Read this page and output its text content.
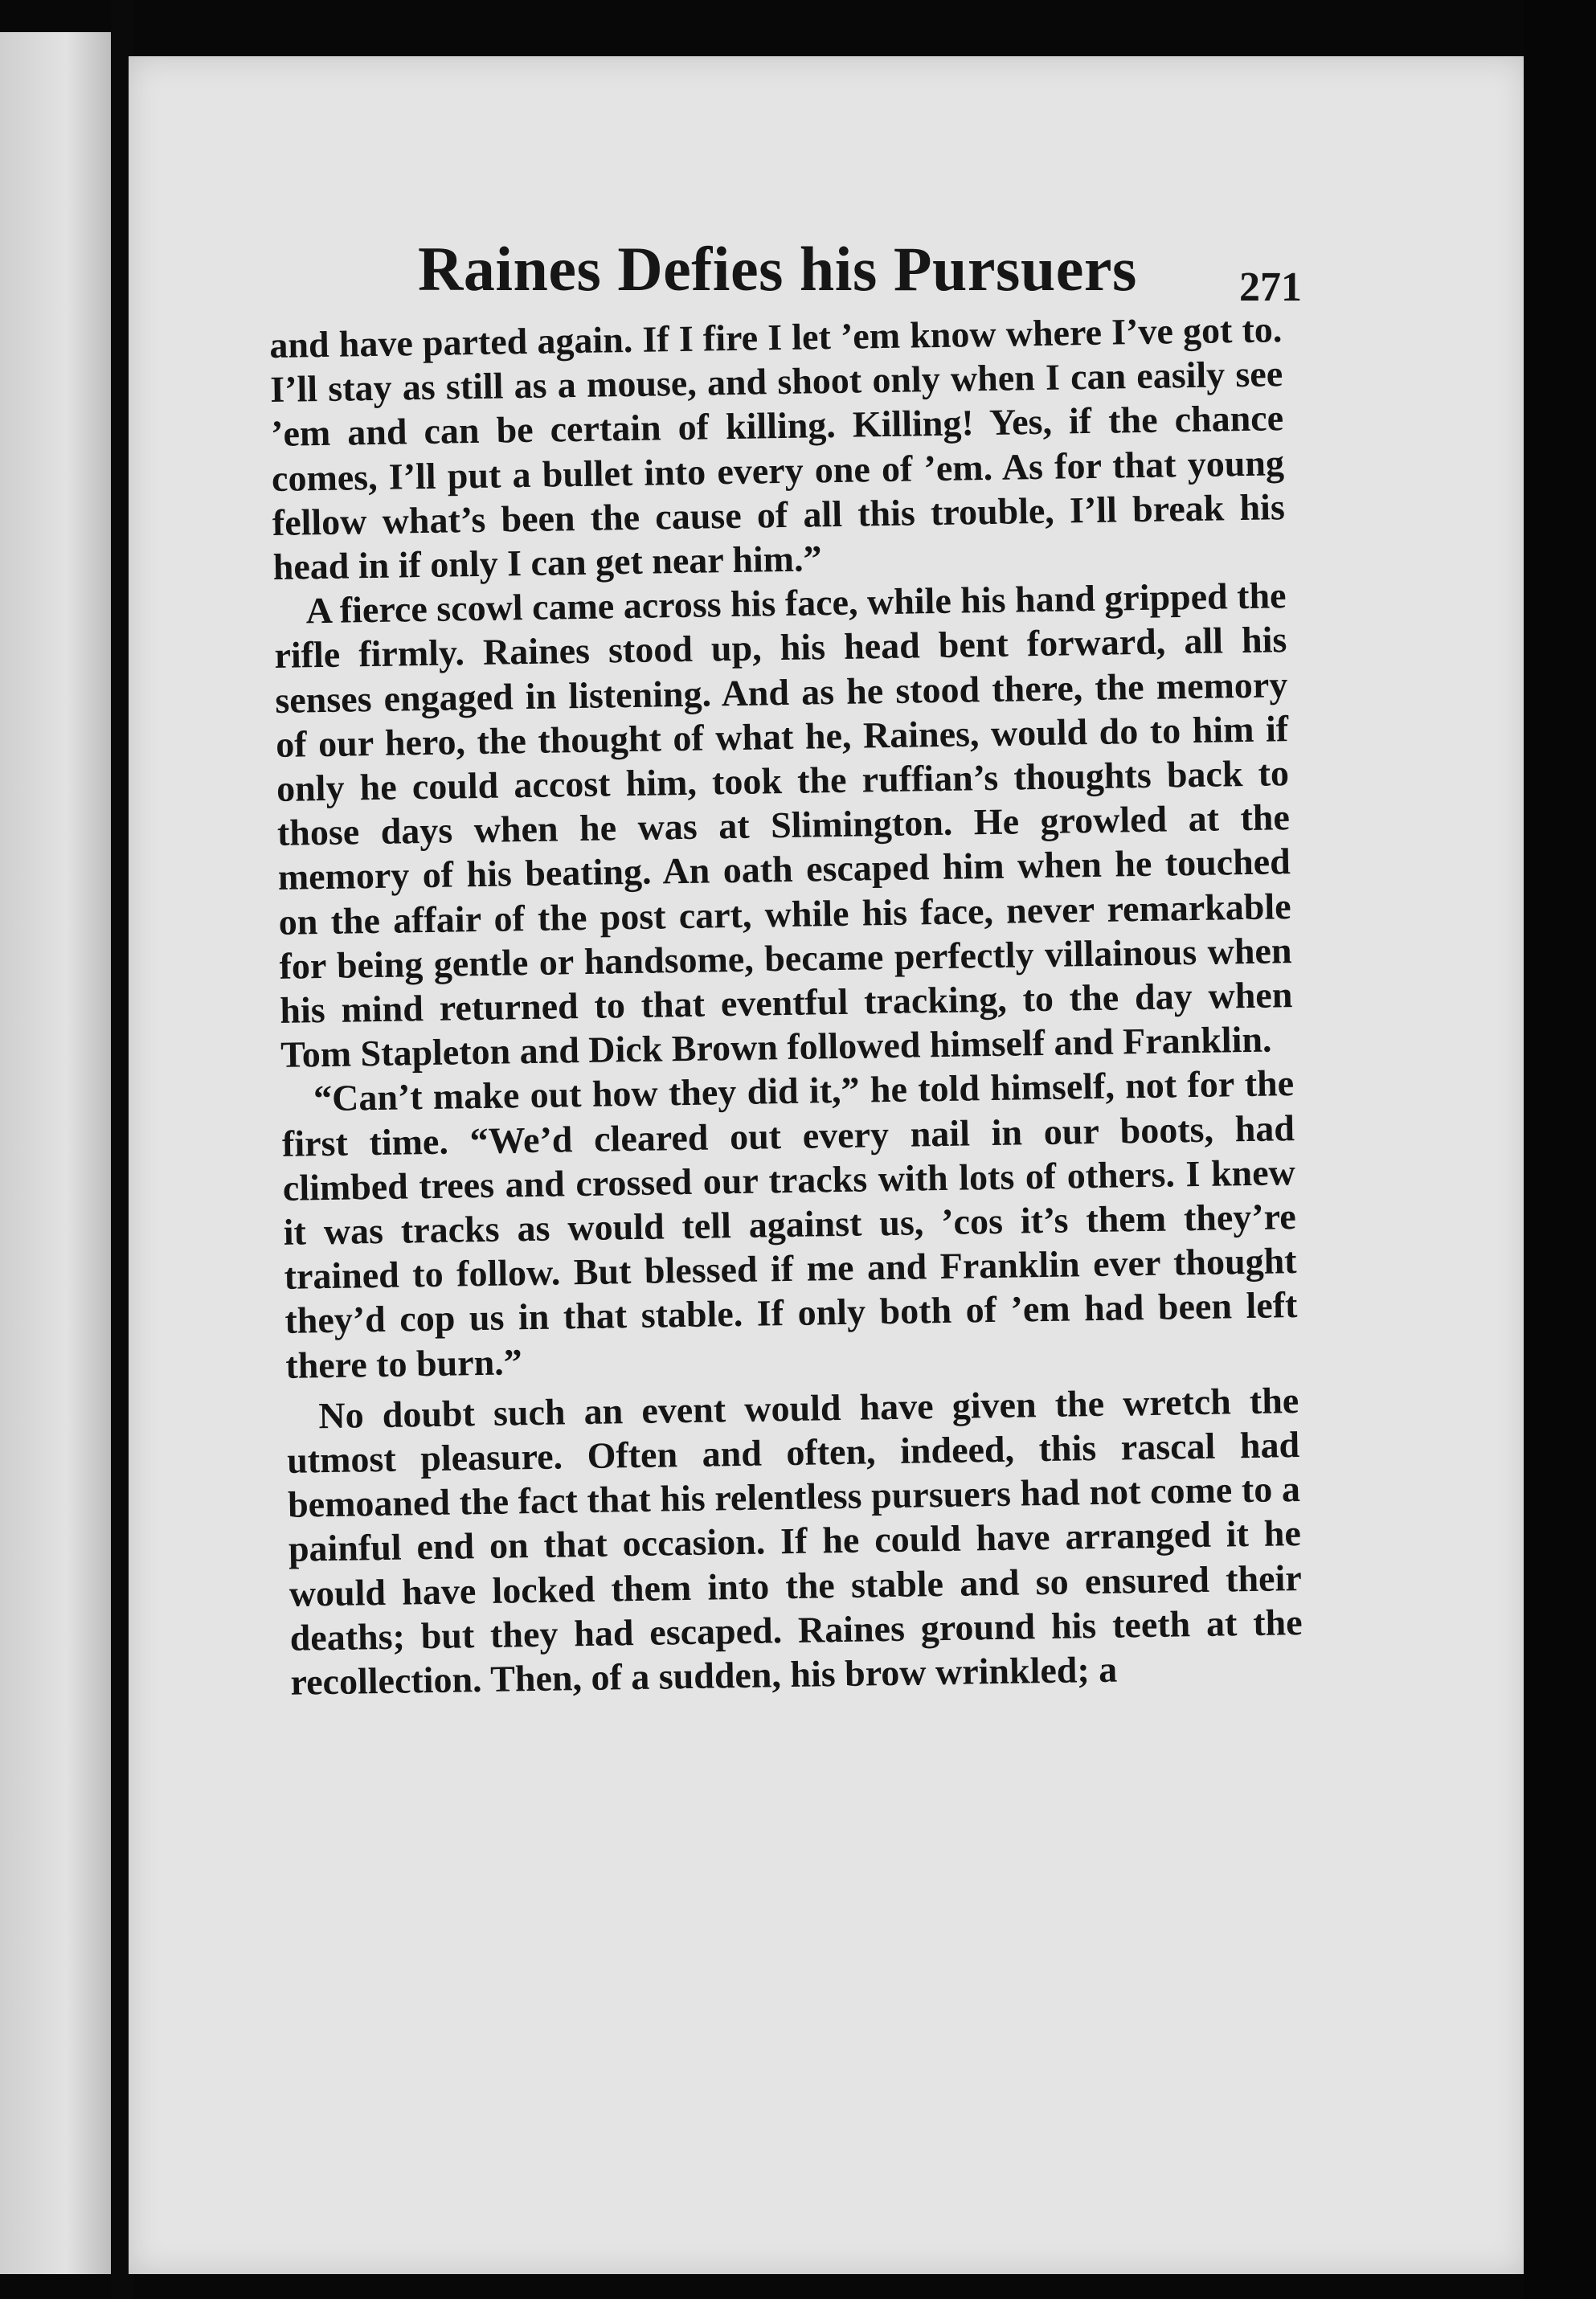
Raines Defies his Pursuers 271

and have parted again. If I fire I let ’em know where I’ve got to. I’ll stay as still as a mouse, and shoot only when I can easily see ’em and can be certain of killing. Killing! Yes, if the chance comes, I’ll put a bullet into every one of ’em. As for that young fellow what’s been the cause of all this trouble, I’ll break his head in if only I can get near him.”

A fierce scowl came across his face, while his hand gripped the rifle firmly. Raines stood up, his head bent forward, all his senses engaged in listening. And as he stood there, the memory of our hero, the thought of what he, Raines, would do to him if only he could accost him, took the ruffian’s thoughts back to those days when he was at Slimington. He growled at the memory of his beating. An oath escaped him when he touched on the affair of the post cart, while his face, never remarkable for being gentle or handsome, became perfectly villainous when his mind returned to that eventful tracking, to the day when Tom Stapleton and Dick Brown followed himself and Franklin.

“Can’t make out how they did it,” he told himself, not for the first time. “We’d cleared out every nail in our boots, had climbed trees and crossed our tracks with lots of others. I knew it was tracks as would tell against us, ’cos it’s them they’re trained to follow. But blessed if me and Franklin ever thought they’d cop us in that stable. If only both of ’em had been left there to burn.”

No doubt such an event would have given the wretch the utmost pleasure. Often and often, indeed, this rascal had bemoaned the fact that his relentless pursuers had not come to a painful end on that occasion. If he could have arranged it he would have locked them into the stable and so ensured their deaths; but they had escaped. Raines ground his teeth at the recollection. Then, of a sudden, his brow wrinkled; a
